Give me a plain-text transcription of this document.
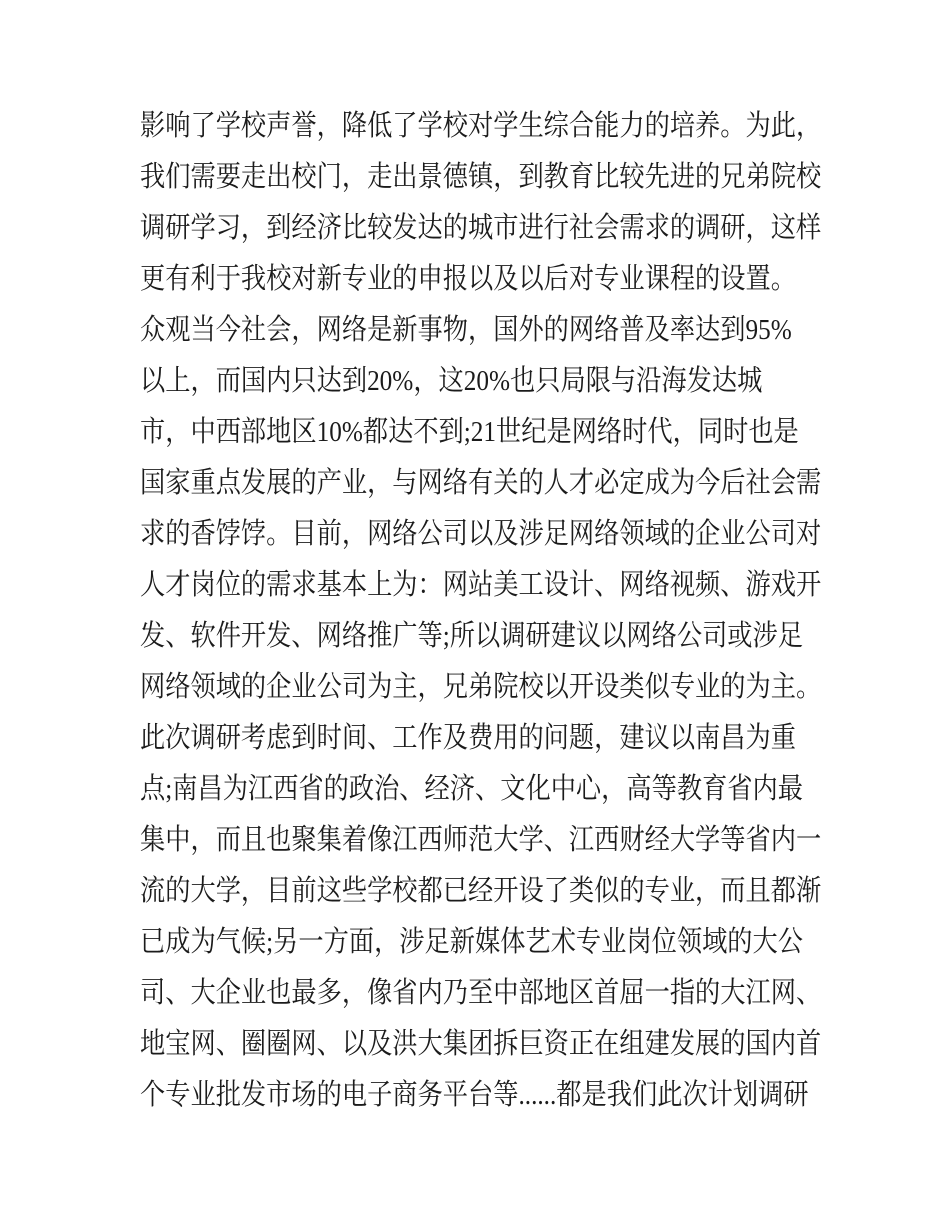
影响了学校声誉，降低了学校对学生综合能力的培养。为此，
我们需要走出校门，走出景德镇，到教育比较先进的兄弟院校
调研学习，到经济比较发达的城市进行社会需求的调研，这样
更有利于我校对新专业的申报以及以后对专业课程的设置。
众观当今社会，网络是新事物，国外的网络普及率达到95%
以上，而国内只达到20%，这20%也只局限与沿海发达城
市，中西部地区10%都达不到;21世纪是网络时代，同时也是
国家重点发展的产业，与网络有关的人才必定成为今后社会需
求的香饽饽。目前，网络公司以及涉足网络领域的企业公司对
人才岗位的需求基本上为：网站美工设计、网络视频、游戏开
发、软件开发、网络推广等;所以调研建议以网络公司或涉足
网络领域的企业公司为主，兄弟院校以开设类似专业的为主。
此次调研考虑到时间、工作及费用的问题，建议以南昌为重
点;南昌为江西省的政治、经济、文化中心，高等教育省内最
集中，而且也聚集着像江西师范大学、江西财经大学等省内一
流的大学，目前这些学校都已经开设了类似的专业，而且都渐
已成为气候;另一方面，涉足新媒体艺术专业岗位领域的大公
司、大企业也最多，像省内乃至中部地区首屈一指的大江网、
地宝网、圈圈网、以及洪大集团拆巨资正在组建发展的国内首
个专业批发市场的电子商务平台等......都是我们此次计划调研
